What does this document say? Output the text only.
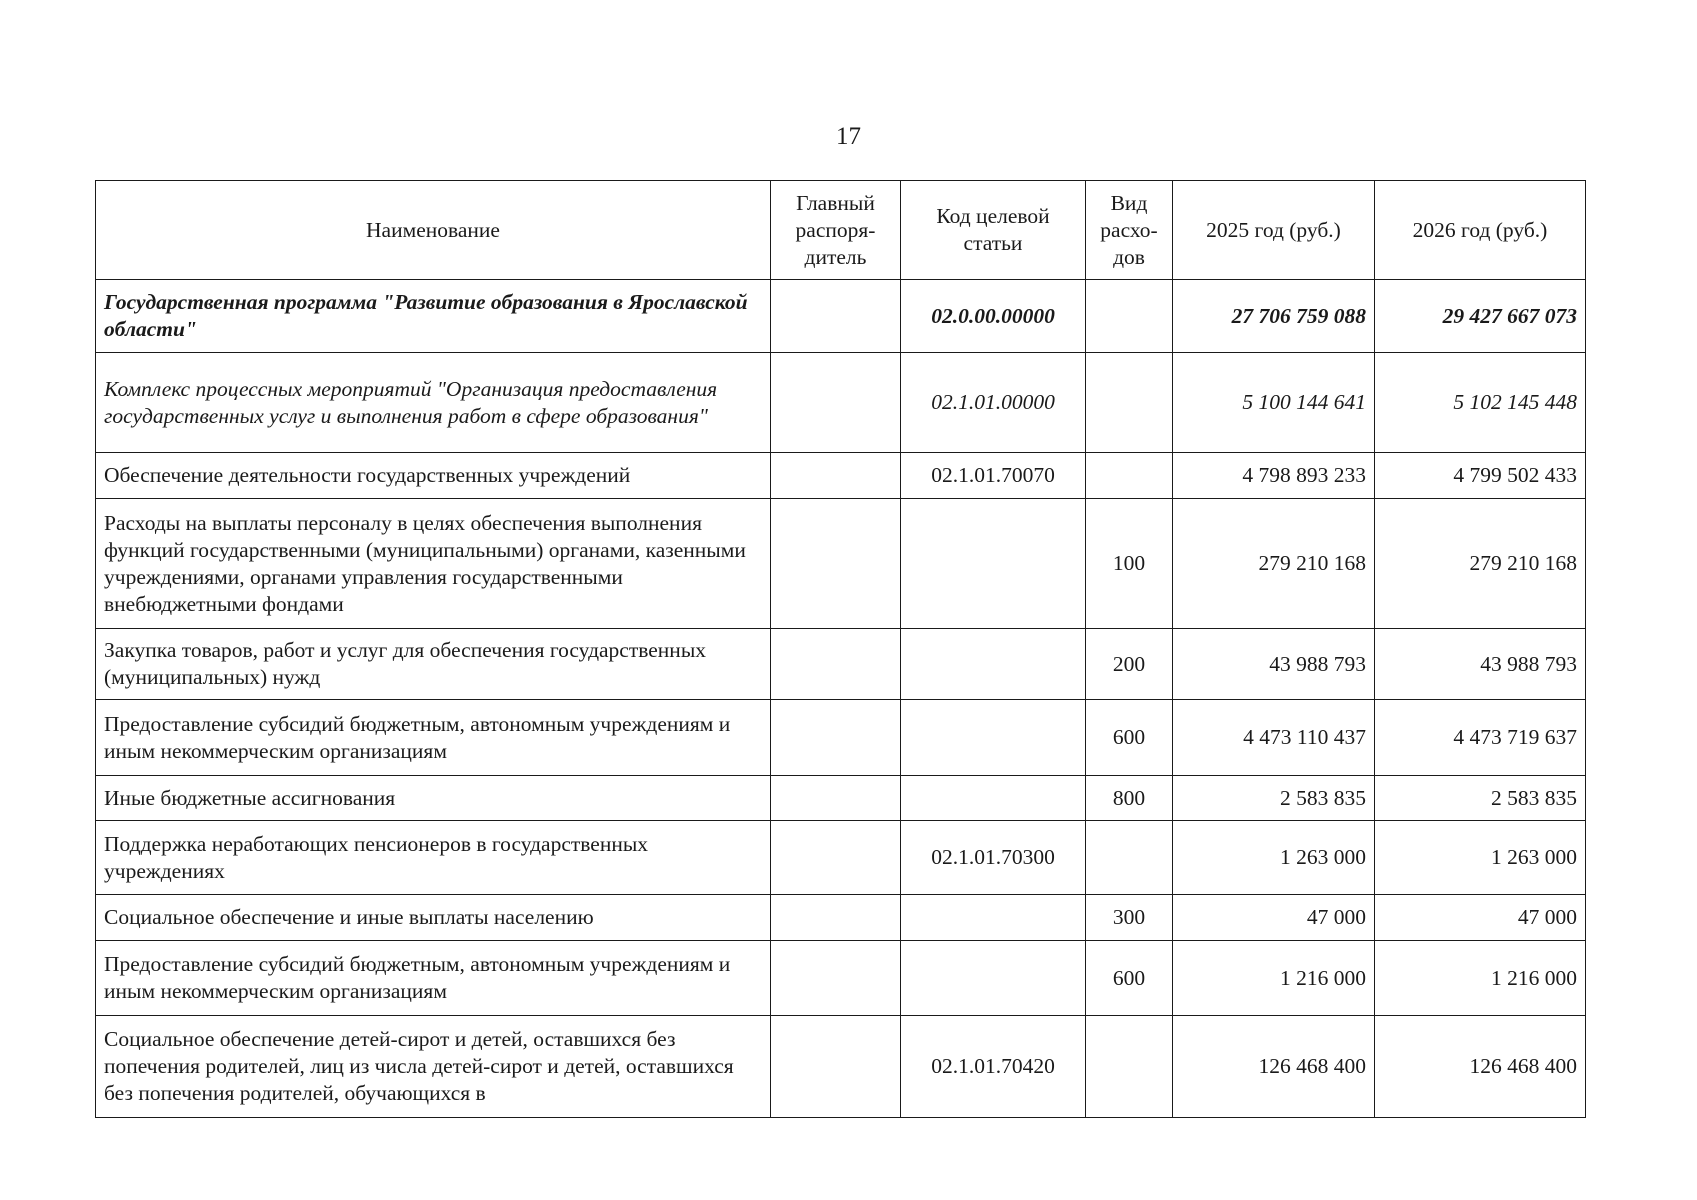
17
Наименование	Главный распоря-дитель	Код целевой статьи	Вид расхо-дов	2025 год (руб.)	2026 год (руб.)
Государственная программа "Развитие образования в Ярославской области"		02.0.00.00000		27 706 759 088	29 427 667 073
Комплекс процессных мероприятий "Организация предоставления государственных услуг и выполнения работ в сфере образования"		02.1.01.00000		5 100 144 641	5 102 145 448
Обеспечение деятельности государственных учреждений		02.1.01.70070		4 798 893 233	4 799 502 433
Расходы на выплаты персоналу в целях обеспечения выполнения функций государственными (муниципальными) органами, казенными учреждениями, органами управления государственными внебюджетными фондами			100	279 210 168	279 210 168
Закупка товаров, работ и услуг для обеспечения государственных (муниципальных) нужд			200	43 988 793	43 988 793
Предоставление субсидий бюджетным, автономным учреждениям и иным некоммерческим организациям			600	4 473 110 437	4 473 719 637
Иные бюджетные ассигнования			800	2 583 835	2 583 835
Поддержка неработающих пенсионеров в государственных учреждениях		02.1.01.70300		1 263 000	1 263 000
Социальное обеспечение и иные выплаты населению			300	47 000	47 000
Предоставление субсидий бюджетным, автономным учреждениям и иным некоммерческим организациям			600	1 216 000	1 216 000
Социальное обеспечение детей-сирот и детей, оставшихся без попечения родителей, лиц из числа детей-сирот и детей, оставшихся без попечения родителей, обучающихся в		02.1.01.70420		126 468 400	126 468 400
